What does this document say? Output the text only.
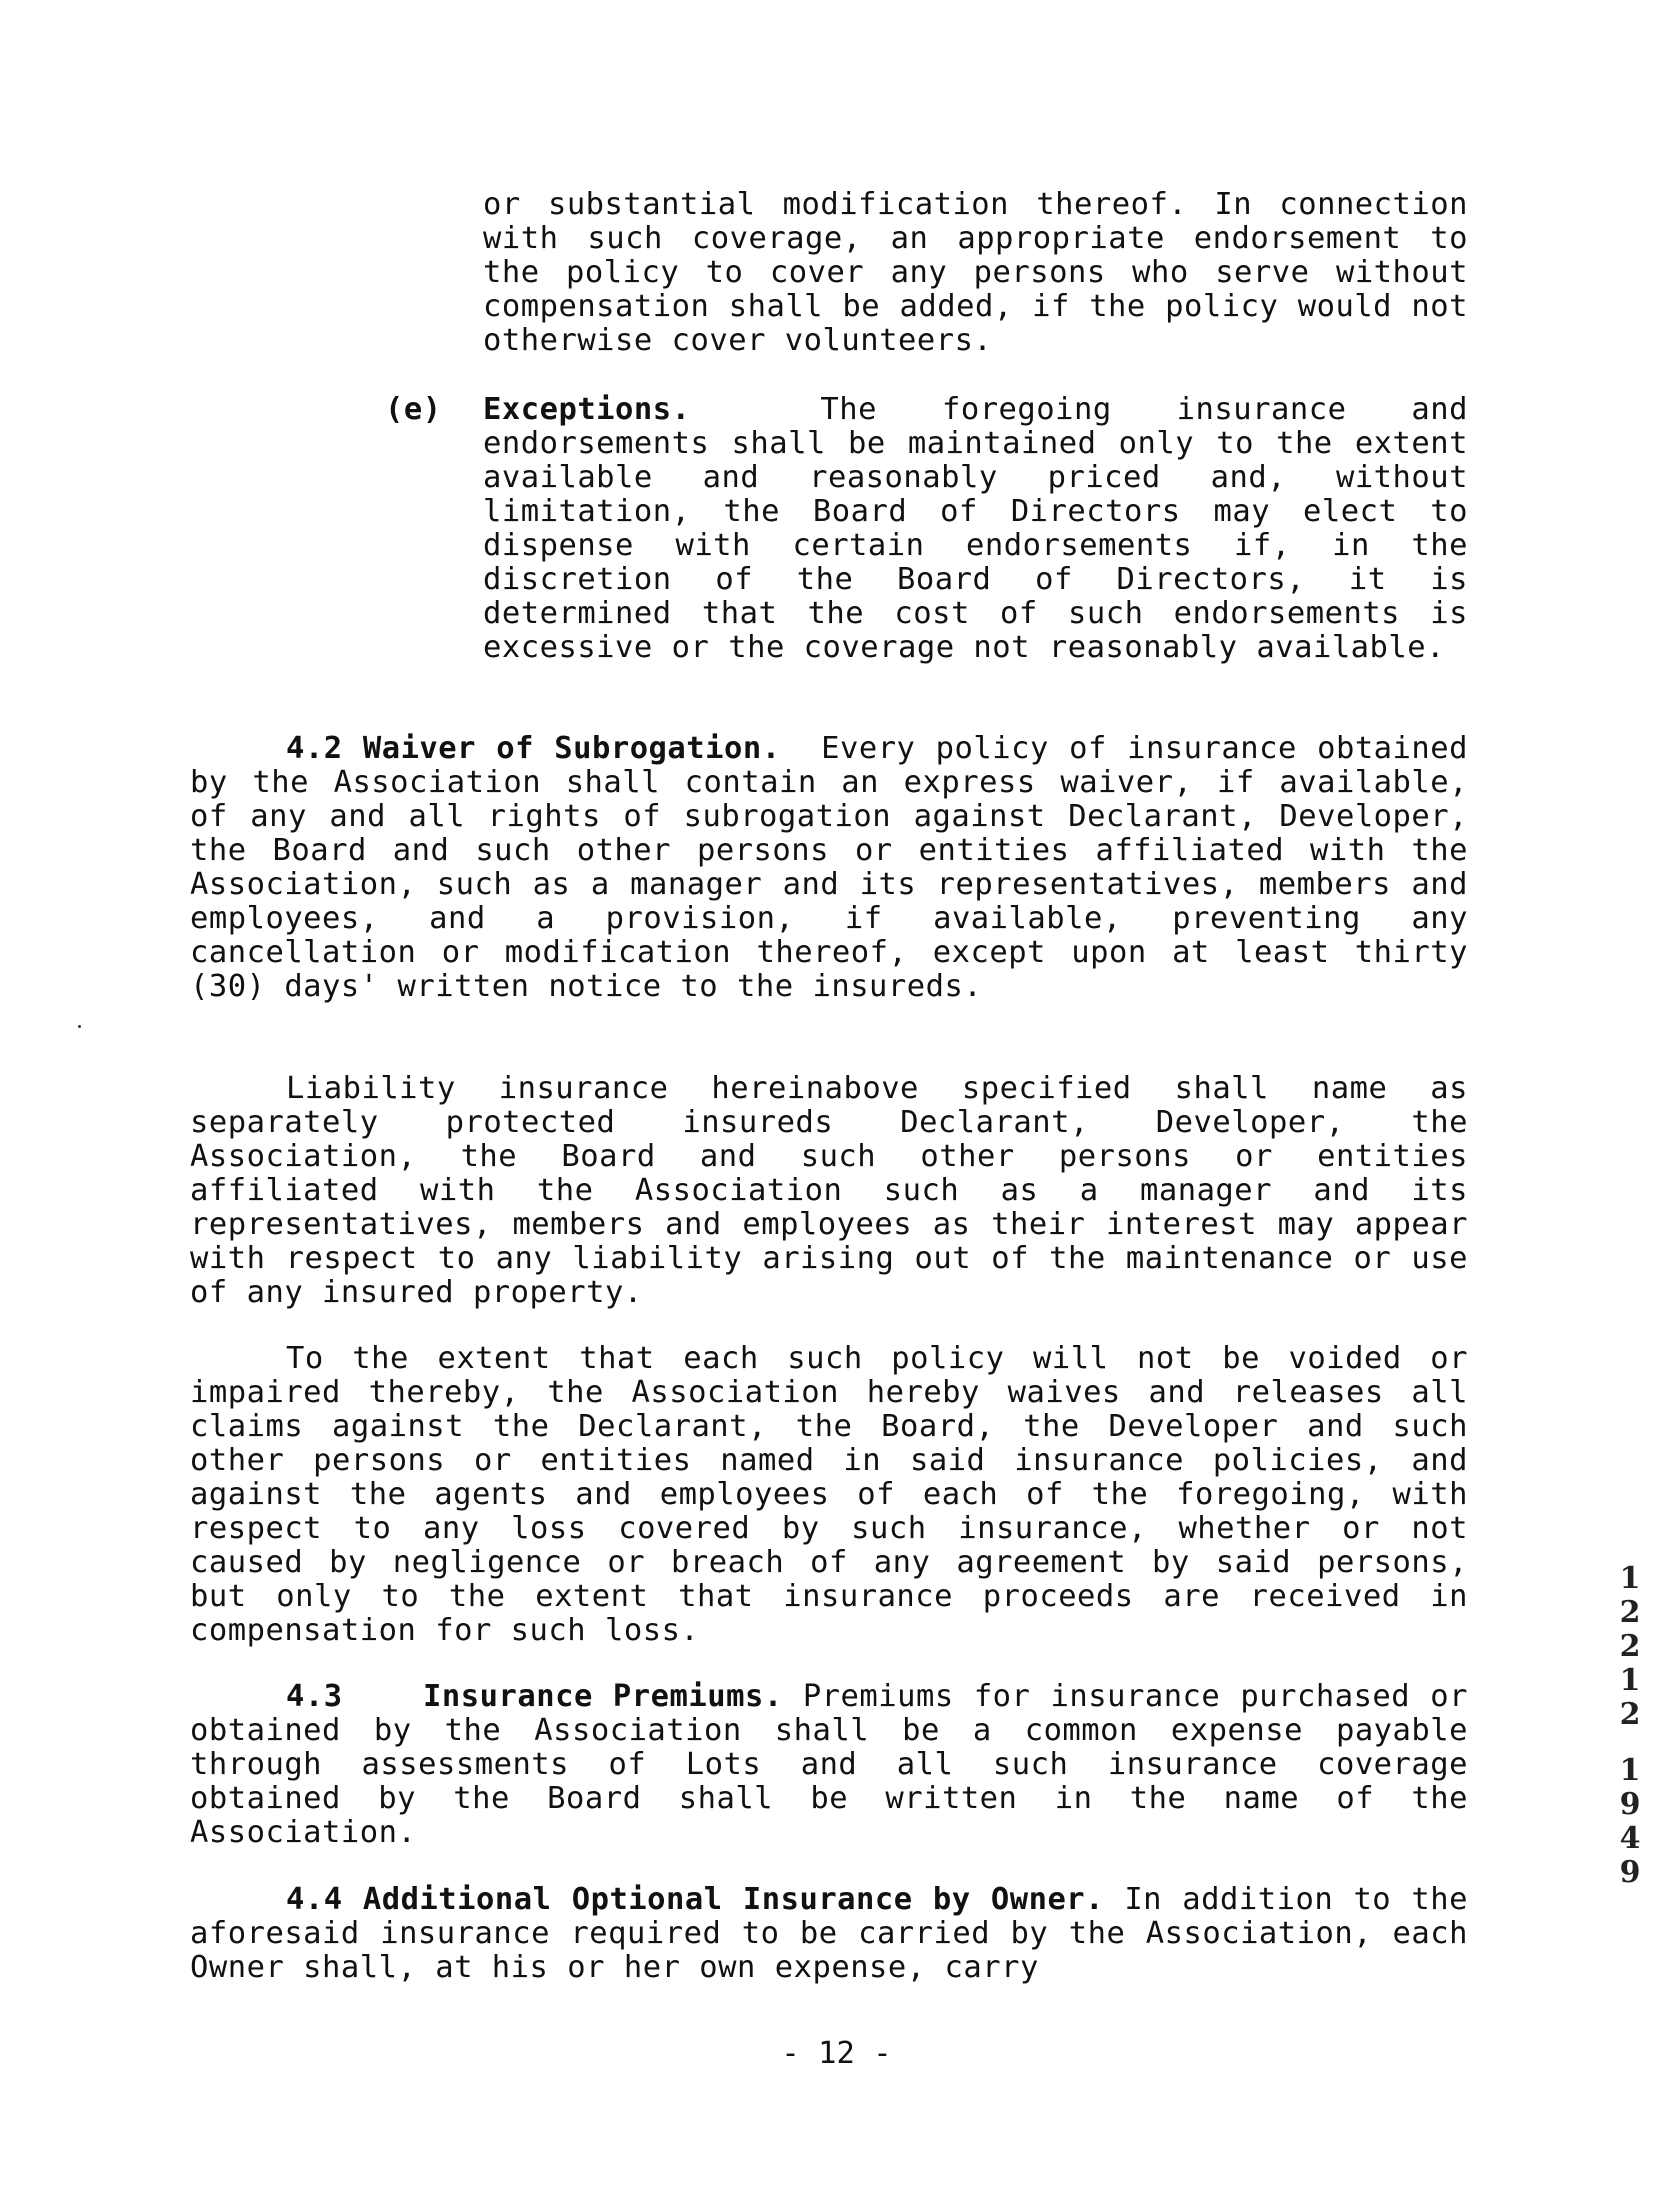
or substantial modification thereof. In connection with such coverage, an appropriate endorsement to the policy to cover any persons who serve without compensation shall be added, if the policy would not otherwise cover volunteers.

(e)	Exceptions.	The foregoing insurance and endorsements shall be maintained only to the extent available and reasonably priced and, without limitation, the Board of Directors may elect to dispense with certain endorsements if, in the discretion of the Board of Directors, it is determined that the cost of such endorsements is excessive or the coverage not reasonably available.

4.2 Waiver of Subrogation. Every policy of insurance obtained by the Association shall contain an express waiver, if available, of any and all rights of subrogation against Declarant, Developer, the Board and such other persons or entities affiliated with the Association, such as a manager and its representatives, members and employees, and a provision, if available, preventing any cancellation or modification thereof, except upon at least thirty (30) days' written notice to the insureds.

Liability insurance hereinabove specified shall name as separately protected insureds Declarant, Developer, the Association, the Board and such other persons or entities affiliated with the Association such as a manager and its representatives, members and employees as their interest may appear with respect to any liability arising out of the maintenance or use of any insured property.

To the extent that each such policy will not be voided or impaired thereby, the Association hereby waives and releases all claims against the Declarant, the Board, the Developer and such other persons or entities named in said insurance policies, and against the agents and employees of each of the foregoing, with respect to any loss covered by such insurance, whether or not caused by negligence or breach of any agreement by said persons, but only to the extent that insurance proceeds are received in compensation for such loss.

4.3	Insurance Premiums. Premiums for insurance purchased or obtained by the Association shall be a common expense payable through assessments of Lots and all such insurance coverage obtained by the Board shall be written in the name of the Association.

4.4 Additional Optional Insurance by Owner. In addition to the aforesaid insurance required to be carried by the Association, each Owner shall, at his or her own expense, carry

1
2
2
1
2
1
9
4
9
- 12 -
